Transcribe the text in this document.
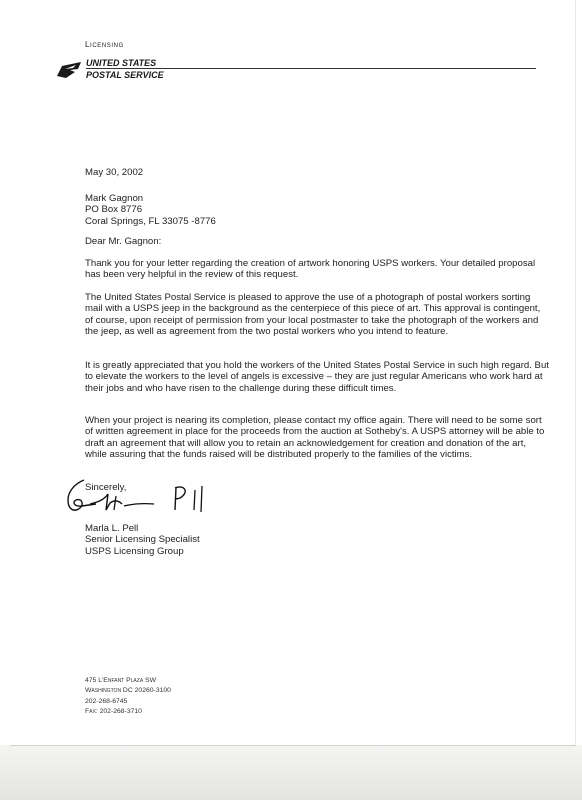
Licensing
UNITED STATES
POSTAL SERVICE
May 30, 2002
Mark Gagnon
PO Box 8776
Coral Springs, FL 33075 -8776
Dear Mr. Gagnon:

Thank you for your letter regarding the creation of artwork honoring USPS workers. Your detailed proposal has been very helpful in the review of this request.

The United States Postal Service is pleased to approve the use of a photograph of postal workers sorting mail with a USPS jeep in the background as the centerpiece of this piece of art. This approval is contingent, of course, upon receipt of permission from your local postmaster to take the photograph of the workers and the jeep, as well as agreement from the two postal workers who you intend to feature.

It is greatly appreciated that you hold the workers of the United States Postal Service in such high regard. But to elevate the workers to the level of angels is excessive – they are just regular Americans who work hard at their jobs and who have risen to the challenge during these difficult times.

When your project is nearing its completion, please contact my office again. There will need to be some sort of written agreement in place for the proceeds from the auction at Sotheby's. A USPS attorney will be able to draft an agreement that will allow you to retain an acknowledgement for creation and donation of the art, while assuring that the funds raised will be distributed properly to the families of the victims.

Sincerely,
Marla L. Pell
Senior Licensing Specialist
USPS Licensing Group
475 L'Enfant Plaza SW
Washington DC 20260-3100
202-268-6745
Fax: 202-268-3710
